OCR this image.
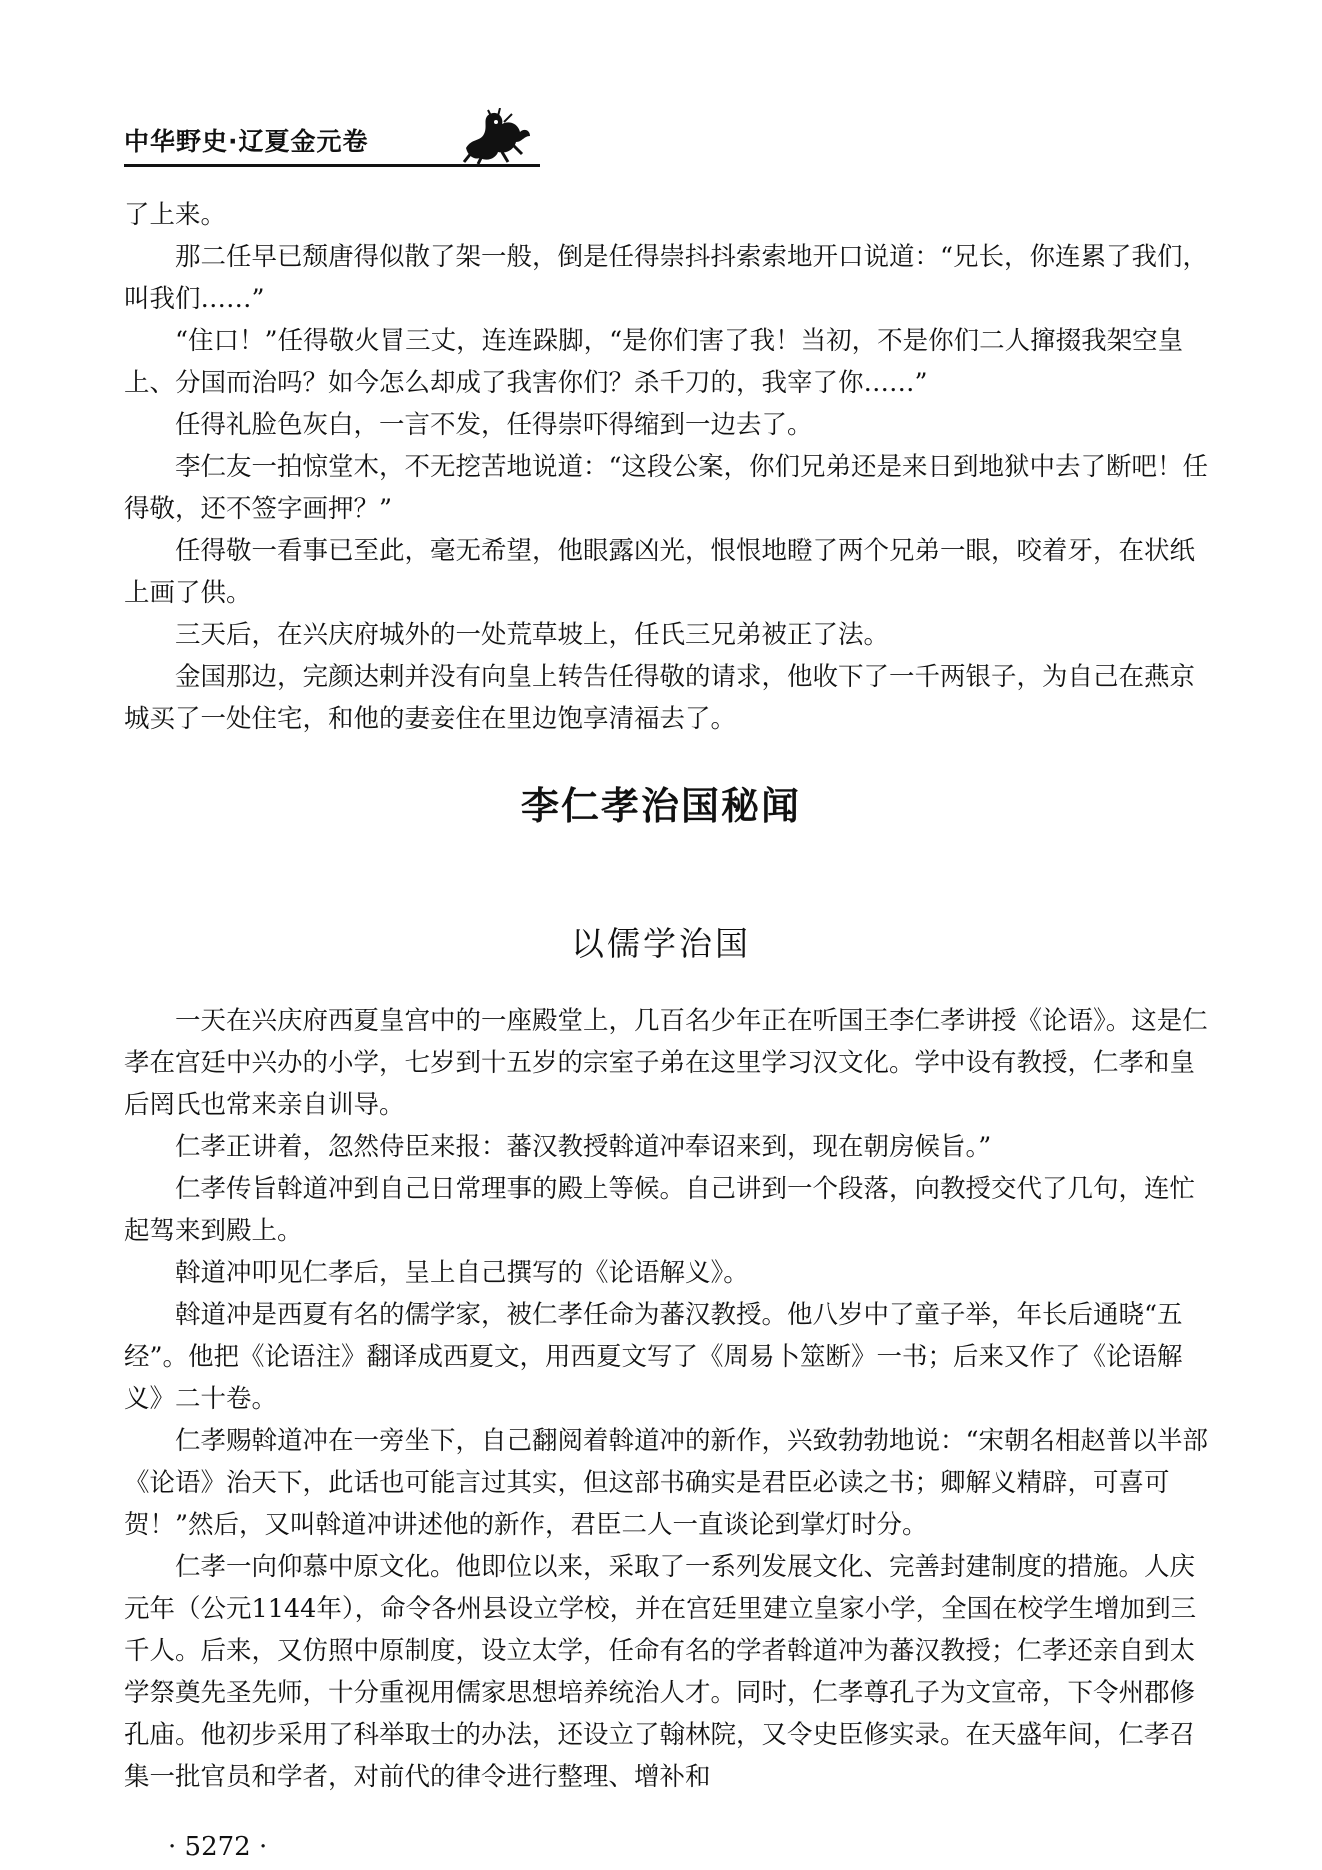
中华野史·辽夏金元卷

了上来。

那二任早已颓唐得似散了架一般，倒是任得崇抖抖索索地开口说道：“兄长，你连累了我们，叫我们……”

“住口！”任得敬火冒三丈，连连跺脚，“是你们害了我！当初，不是你们二人撺掇我架空皇上、分国而治吗？如今怎么却成了我害你们？杀千刀的，我宰了你……”

任得礼脸色灰白，一言不发，任得崇吓得缩到一边去了。

李仁友一拍惊堂木，不无挖苦地说道：“这段公案，你们兄弟还是来日到地狱中去了断吧！任得敬，还不签字画押？”

任得敬一看事已至此，毫无希望，他眼露凶光，恨恨地瞪了两个兄弟一眼，咬着牙，在状纸上画了供。

三天后，在兴庆府城外的一处荒草坡上，任氏三兄弟被正了法。

金国那边，完颜达剌并没有向皇上转告任得敬的请求，他收下了一千两银子，为自己在燕京城买了一处住宅，和他的妻妾住在里边饱享清福去了。

李仁孝治国秘闻
以儒学治国

一天在兴庆府西夏皇宫中的一座殿堂上，几百名少年正在听国王李仁孝讲授《论语》。这是仁孝在宫廷中兴办的小学，七岁到十五岁的宗室子弟在这里学习汉文化。学中设有教授，仁孝和皇后罔氏也常来亲自训导。

仁孝正讲着，忽然侍臣来报：蕃汉教授斡道冲奉诏来到，现在朝房候旨。”

仁孝传旨斡道冲到自己日常理事的殿上等候。自己讲到一个段落，向教授交代了几句，连忙起驾来到殿上。

斡道冲叩见仁孝后，呈上自己撰写的《论语解义》。

斡道冲是西夏有名的儒学家，被仁孝任命为蕃汉教授。他八岁中了童子举，年长后通晓“五经”。他把《论语注》翻译成西夏文，用西夏文写了《周易卜筮断》一书；后来又作了《论语解义》二十卷。

仁孝赐斡道冲在一旁坐下，自己翻阅着斡道冲的新作，兴致勃勃地说：“宋朝名相赵普以半部《论语》治天下，此话也可能言过其实，但这部书确实是君臣必读之书；卿解义精辟，可喜可贺！”然后，又叫斡道冲讲述他的新作，君臣二人一直谈论到掌灯时分。

仁孝一向仰慕中原文化。他即位以来，采取了一系列发展文化、完善封建制度的措施。人庆元年（公元1144年），命令各州县设立学校，并在宫廷里建立皇家小学，全国在校学生增加到三千人。后来，又仿照中原制度，设立太学，任命有名的学者斡道冲为蕃汉教授；仁孝还亲自到太学祭奠先圣先师，十分重视用儒家思想培养统治人才。同时，仁孝尊孔子为文宣帝，下令州郡修孔庙。他初步采用了科举取士的办法，还设立了翰林院，又令史臣修实录。在天盛年间，仁孝召集一批官员和学者，对前代的律令进行整理、增补和

· 5272 ·
